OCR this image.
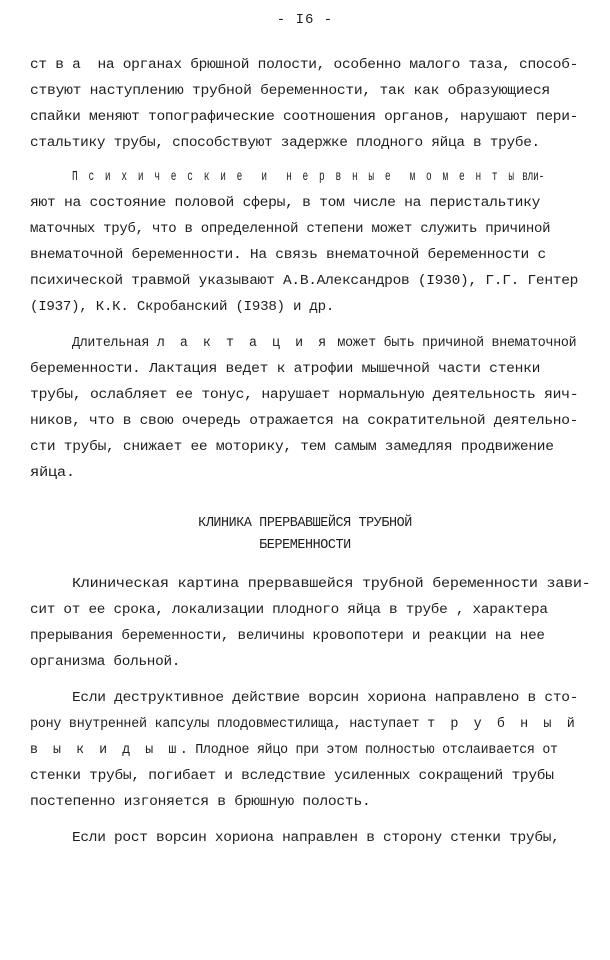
- I6 -
ст в а  на органах брюшной полости, особенно малого таза, способ-
ствуют наступлению трубной беременности, так как образующиеся
спайки меняют топографические соотношения органов, нарушают пери-
стальтику трубы, способствуют задержке плодного яйца в трубе.
П с и х и ч е с к и е  и  н е р в н ы е  м о м е н т ы вли-
яют на состояние половой сферы, в том числе на перистальтику
маточных труб, что в определенной степени может служить причиной
внематочной беременности. На связь внематочной беременности с
психической травмой указывают А.В.Александров (I930), Г.Г. Гентер
(I937), К.К. Скробанский (I938) и др.
Длительная л а к т а ц и я может быть причиной внематочной
беременности. Лактация ведет к атрофии мышечной части стенки
трубы, ослабляет ее тонус, нарушает нормальную деятельность яич-
ников, что в свою очередь отражается на сократительной деятельно-
сти трубы, снижает ее моторику, тем самым замедляя продвижение
яйца.
Клиническая картина прервавшейся трубной беременности зави-
сит от ее срока, локализации плодного яйца в трубе , характера
прерывания беременности, величины кровопотери и реакции на нее
организма больной.
Если деструктивное действие ворсин хориона направлено в сто-
рону внутренней капсулы плодовместилища, наступает т р у б н ы й
в ы к и д ы ш. Плодное яйцо при этом полностью отслаивается от
стенки трубы, погибает и вследствие усиленных сокращений трубы
постепенно изгоняется в брюшную полость.
Если рост ворсин хориона направлен в сторону стенки трубы,
КЛИНИКА ПРЕРВАВШЕЙСЯ ТРУБНОЙ
БЕРЕМЕННОСТИ
